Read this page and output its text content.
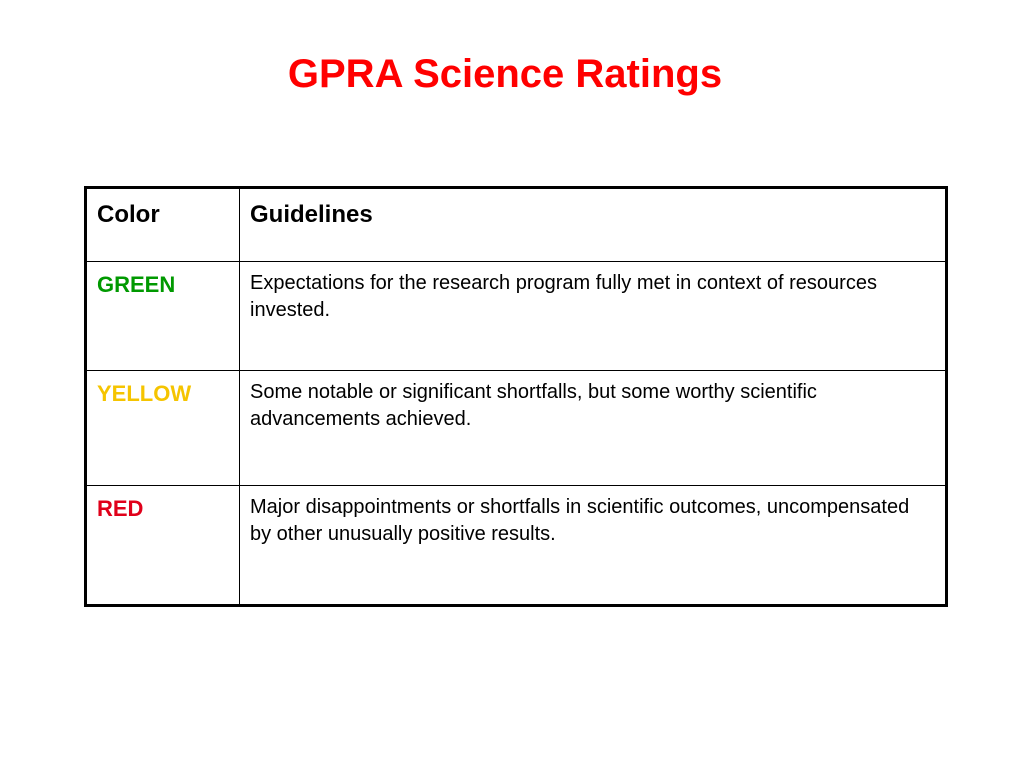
GPRA Science Ratings
Color	Guidelines
GREEN	Expectations for the research program fully met in context of resources invested.
YELLOW	Some notable or significant shortfalls, but some worthy scientific advancements achieved.
RED	Major disappointments or shortfalls in scientific outcomes, uncompensated by other unusually positive results.
